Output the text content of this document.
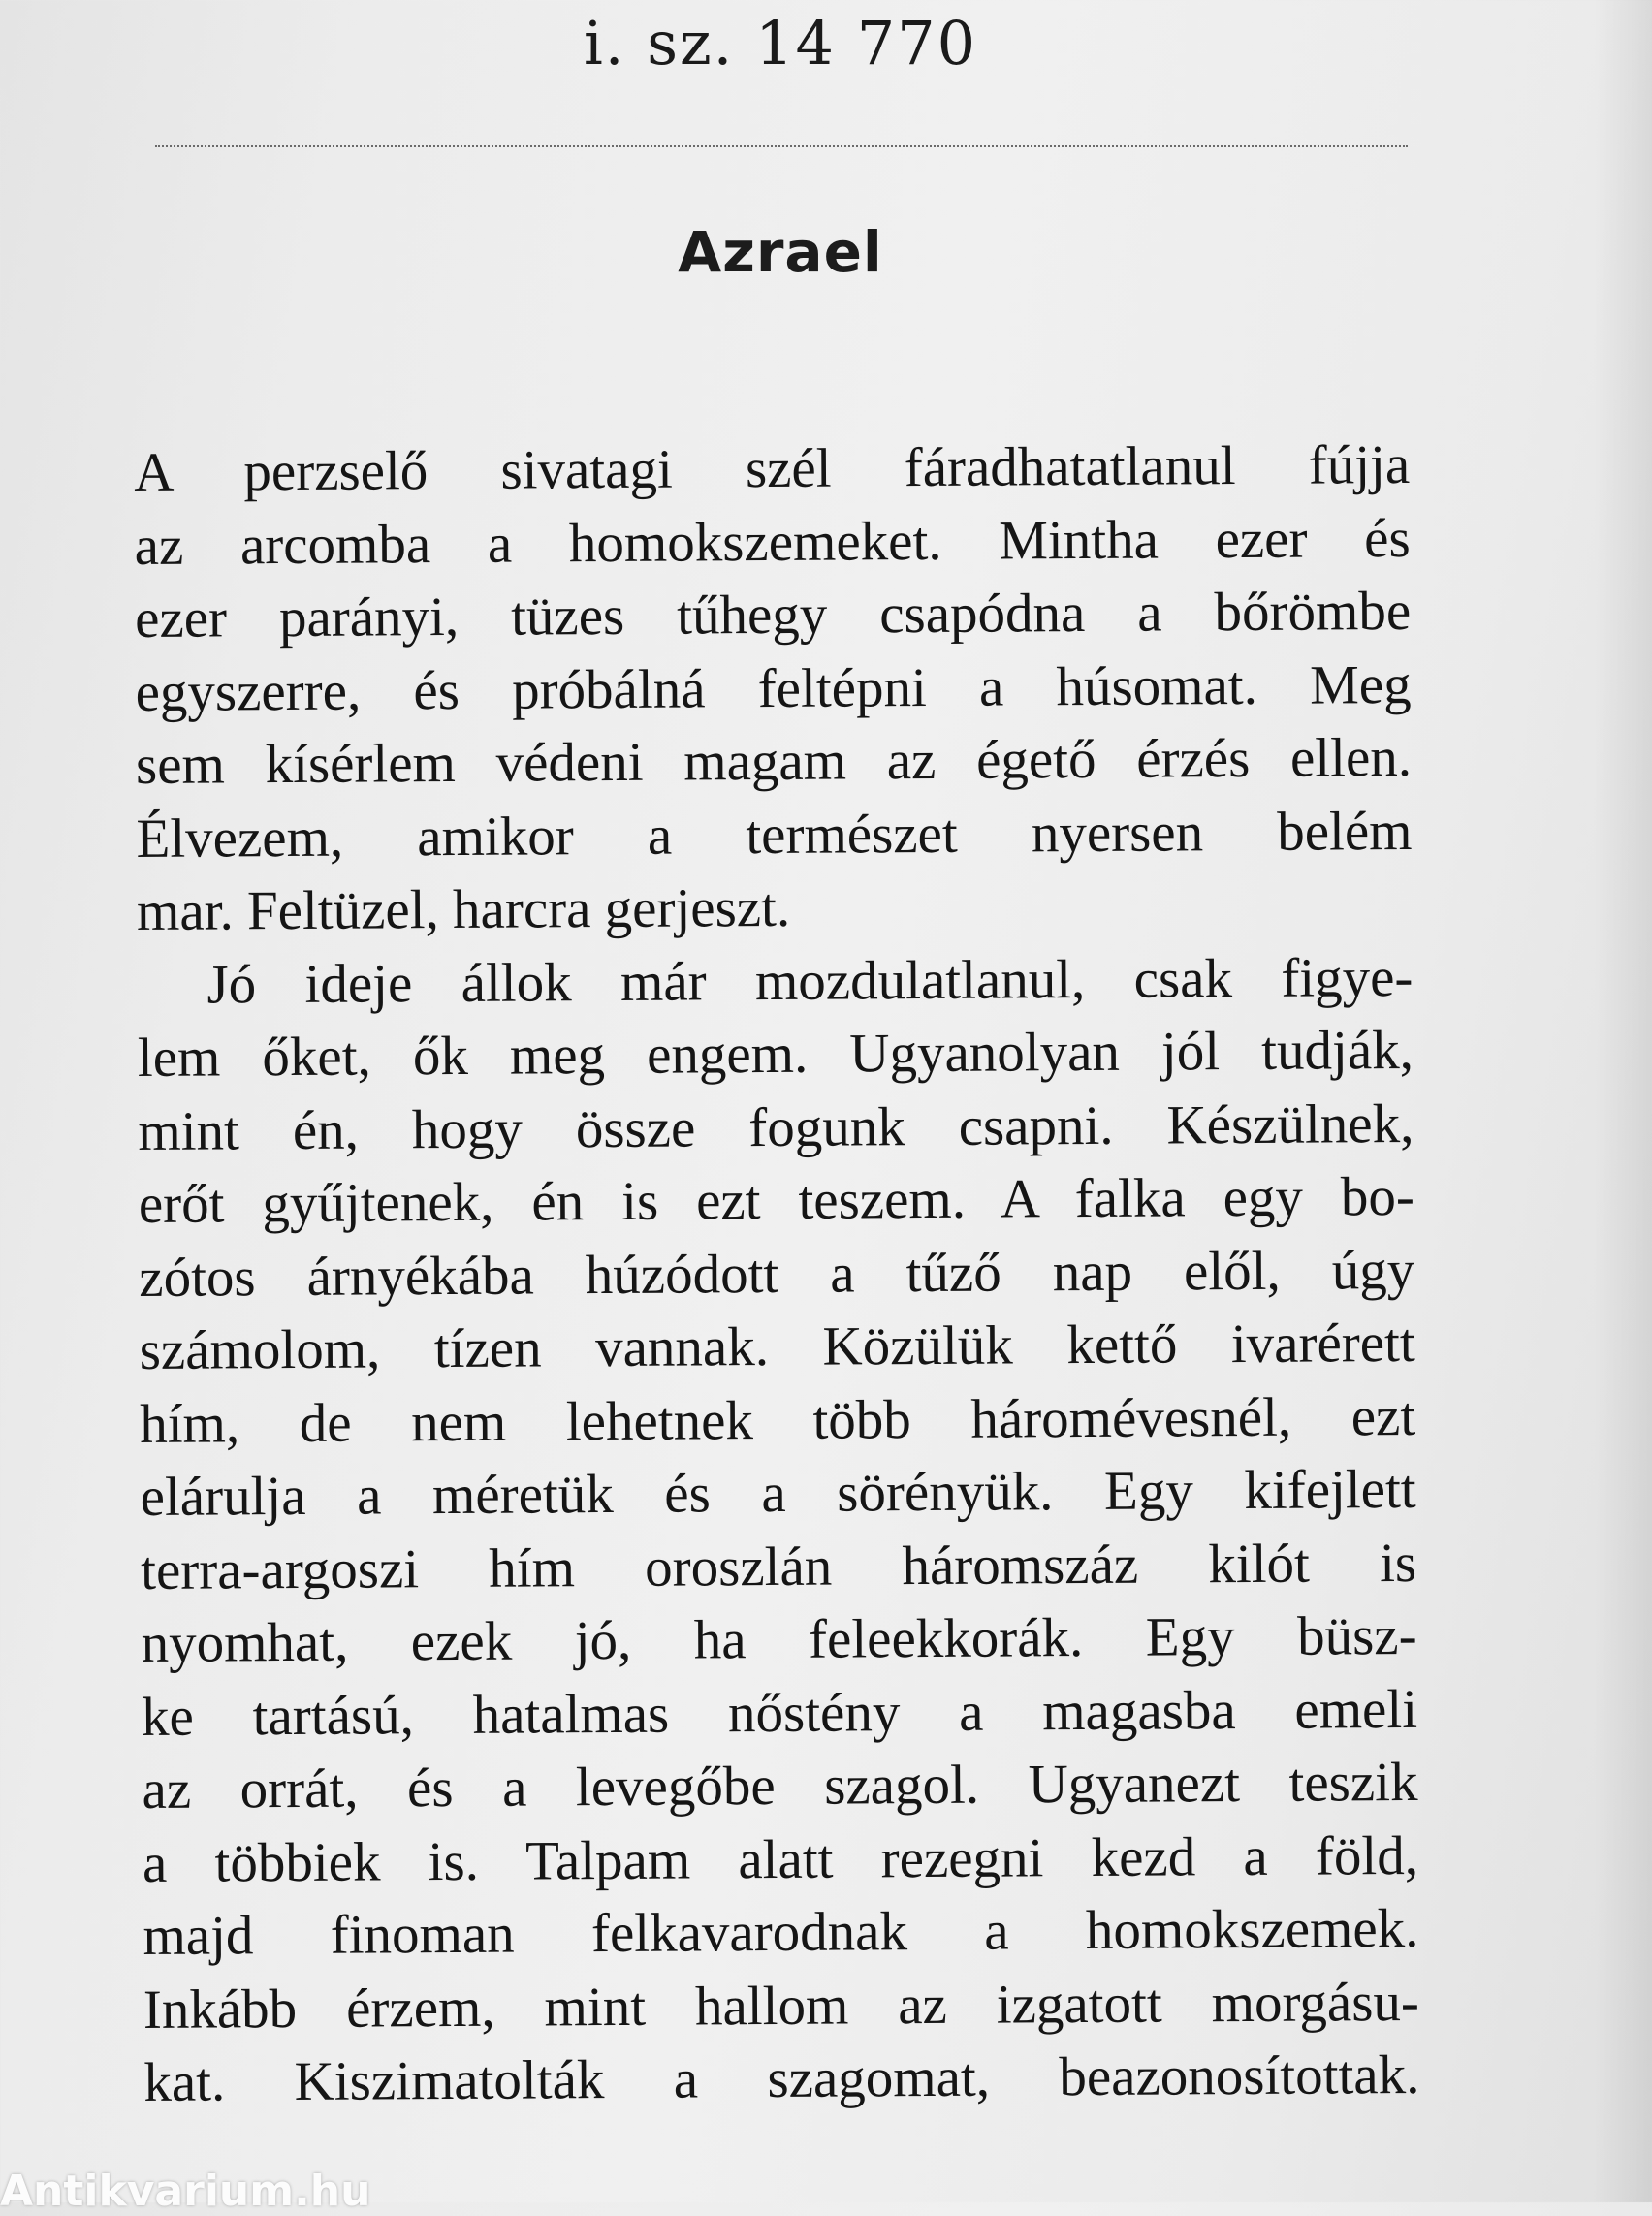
i. sz. 14 770
Azrael
A perzselő sivatagi szél fáradhatatlanul fújja
az arcomba a homokszemeket. Mintha ezer és
ezer parányi, tüzes tűhegy csapódna a bőrömbe
egyszerre, és próbálná feltépni a húsomat. Meg
sem kísérlem védeni magam az égető érzés ellen.
Élvezem, amikor a természet nyersen belém
mar. Feltüzel, harcra gerjeszt.
Jó ideje állok már mozdulatlanul, csak figye-
lem őket, ők meg engem. Ugyanolyan jól tudják,
mint én, hogy össze fogunk csapni. Készülnek,
erőt gyűjtenek, én is ezt teszem. A falka egy bo-
zótos árnyékába húzódott a tűző nap elől, úgy
számolom, tízen vannak. Közülük kettő ivarérett
hím, de nem lehetnek több háromévesnél, ezt
elárulja a méretük és a sörényük. Egy kifejlett
terra-argoszi hím oroszlán háromszáz kilót is
nyomhat, ezek jó, ha feleekkorák. Egy büsz-
ke tartású, hatalmas nőstény a magasba emeli
az orrát, és a levegőbe szagol. Ugyanezt teszik
a többiek is. Talpam alatt rezegni kezd a föld,
majd finoman felkavarodnak a homokszemek.
Inkább érzem, mint hallom az izgatott morgásu-
kat. Kiszimatolták a szagomat, beazonosítottak.
Antikvarium.hu
